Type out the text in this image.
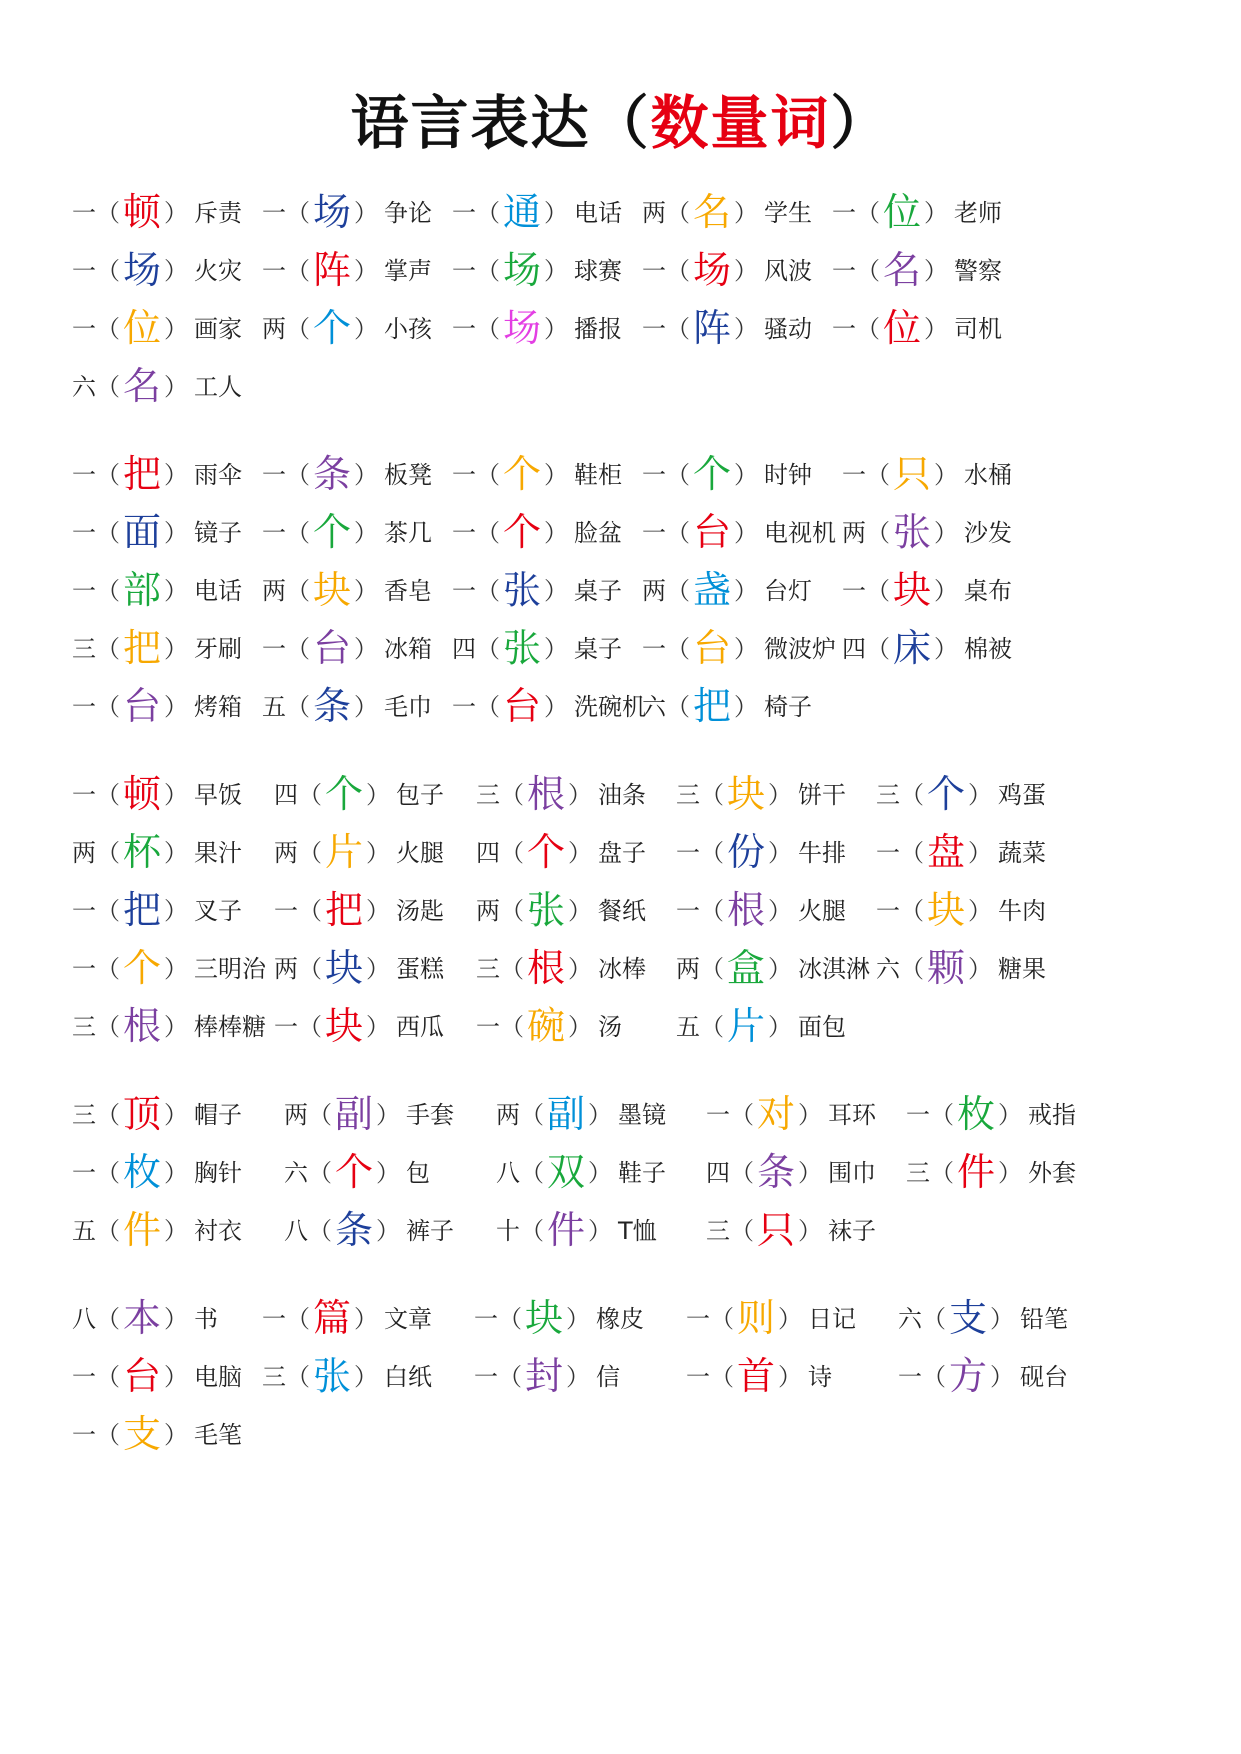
语言表达（数量词）
一（顿 ） 斥责 一（场 ） 争论 一（通 ） 电话 两（名 ） 学生 一（位 ） 老师
一（场 ） 火灾 一（阵 ） 掌声 一（场 ） 球赛 一（场 ） 风波 一（名 ） 警察
一（位 ） 画家 两（个 ） 小孩 一（场 ） 播报 一（阵 ） 骚动 一（位 ） 司机
六（名 ） 工人
一（把 ） 雨伞 一（条 ） 板凳 一（个 ） 鞋柜 一（个 ） 时钟 一（只 ） 水桶
一（面 ） 镜子 一（个 ） 茶几 一（个 ） 脸盆 一（台 ） 电视机 两（张 ） 沙发
一（部 ） 电话 两（块 ） 香皂 一（张 ） 桌子 两（盏 ） 台灯 一（块 ） 桌布
三（把 ） 牙刷 一（台 ） 冰箱 四（张 ） 桌子 一（台 ） 微波炉 四（床 ） 棉被
一（台 ） 烤箱 五（条 ） 毛巾 一（台 ） 洗碗机
六（把 ） 椅子
一（顿 ） 早饭 四（个 ） 包子 三（根 ） 油条 三（块 ） 饼干 三（个 ） 鸡蛋
两（杯 ） 果汁 两（片 ） 火腿 四（个 ） 盘子 一（份 ） 牛排 一（盘 ） 蔬菜
一（把 ） 叉子 一（把 ） 汤匙 两（张 ） 餐纸 一（根 ） 火腿 一（块 ） 牛肉
一（个 ） 三明治 两（块 ） 蛋糕 三（根 ） 冰棒 两（盒 ） 冰淇淋 六（颗 ） 糖果
三（根 ） 棒棒糖 一（块 ） 西瓜 一（碗 ） 汤 五（片 ） 面包
三（顶 ） 帽子 两（副 ） 手套 两（副 ） 墨镜 一（对 ） 耳环 一（枚 ） 戒指
一（枚 ） 胸针 六（个 ） 包	八（双 ） 鞋子 四（条 ） 围巾 三（件 ） 外套
五（件 ） 衬衣 八（条 ） 裤子 十（件 ） T恤 三（只 ） 袜子
八（本 ） 书 一（篇 ） 文章 一（块 ） 橡皮 一（则 ） 日记 六（支 ） 铅笔
一（台 ） 电脑 三（张 ） 白纸 一（封 ） 信	一（首 ） 诗	一（方 ） 砚台
一（支 ） 毛笔
